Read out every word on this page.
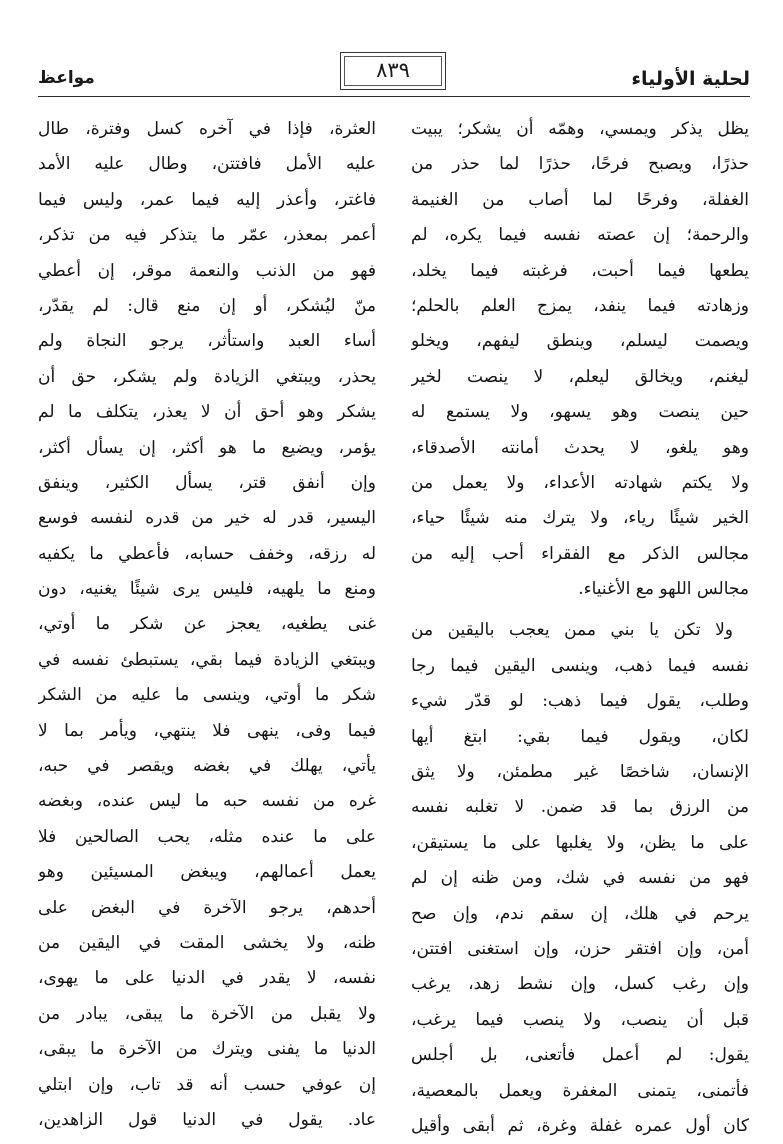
لحلية الأولياء

٨٣٩

مواعظ

يظل يذكر ويمسي، وهمّه أن يشكر؛ يبيت
حذرًا، ويصبح فرحًا، حذرًا لما حذر من
الغفلة، وفرحًا لما أصاب من الغنيمة
والرحمة؛ إن عصته نفسه فيما يكره، لم
يطعها فيما أحبت، فرغبته فيما يخلد،
وزهادته فيما ينفد، يمزج العلم بالحلم؛
ويصمت ليسلم، وينطق ليفهم، ويخلو
ليغنم، ويخالق ليعلم، لا ينصت لخير
حين ينصت وهو يسهو، ولا يستمع له
وهو يلغو، لا يحدث أمانته الأصدقاء،
ولا يكتم شهادته الأعداء، ولا يعمل من
الخير شيئًا رياء، ولا يترك منه شيئًا حياء،
مجالس الذكر مع الفقراء أحب إليه من
مجالس اللهو مع الأغنياء.
ولا تكن يا بني ممن يعجب باليقين من
نفسه فيما ذهب، وينسى اليقين فيما رجا
وطلب، يقول فيما ذهب: لو قدّر شيء
لكان، ويقول فيما بقي: ابتغ أيها
الإنسان، شاخصًا غير مطمئن، ولا يثق
من الرزق بما قد ضمن. لا تغلبه نفسه
على ما يظن، ولا يغلبها على ما يستيقن،
فهو من نفسه في شك، ومن ظنه إن لم
يرحم في هلك، إن سقم ندم، وإن صح
أمن، وإن افتقر حزن، وإن استغنى افتتن،
وإن رغب كسل، وإن نشط زهد، يرغب
قبل أن ينصب، ولا ينصب فيما يرغب،
يقول: لم أعمل فأتعنى، بل أجلس
فأتمنى، يتمنى المغفرة ويعمل بالمعصية،
كان أول عمره غفلة وغرة، ثم أبقى وأقيل
العثرة، فإذا في آخره كسل وفترة، طال
عليه الأمل فافتتن، وطال عليه الأمد
فاغتر، وأعذر إليه فيما عمر، وليس فيما
أعمر بمعذر، عمّر ما يتذكر فيه من تذكر،
فهو من الذنب والنعمة موقر، إن أعطي
منّ ليُشكر، أو إن منع قال: لم يقدّر،
أساء العبد واستأثر، يرجو النجاة ولم
يحذر، ويبتغي الزيادة ولم يشكر، حق أن
يشكر وهو أحق أن لا يعذر، يتكلف ما لم
يؤمر، ويضيع ما هو أكثر، إن يسأل أكثر،
وإن أنفق قتر، يسأل الكثير، وينفق
اليسير، قدر له خير من قدره لنفسه فوسع
له رزقه، وخفف حسابه، فأعطي ما يكفيه
ومنع ما يلهيه، فليس يرى شيئًا يغنيه، دون
غنى يطغيه، يعجز عن شكر ما أوتي،
ويبتغي الزيادة فيما بقي، يستبطئ نفسه في
شكر ما أوتي، وينسى ما عليه من الشكر
فيما وفى، ينهى فلا ينتهي، ويأمر بما لا
يأتي، يهلك في بغضه ويقصر في حبه،
غره من نفسه حبه ما ليس عنده، وبغضه
على ما عنده مثله، يحب الصالحين فلا
يعمل أعمالهم، ويبغض المسيئين وهو
أحدهم، يرجو الآخرة في البغض على
ظنه، ولا يخشى المقت في اليقين من
نفسه، لا يقدر في الدنيا على ما يهوى،
ولا يقبل من الآخرة ما يبقى، يبادر من
الدنيا ما يفنى ويترك من الآخرة ما يبقى،
إن عوفي حسب أنه قد تاب، وإن ابتلي
عاد. يقول في الدنيا قول الزاهدين،
